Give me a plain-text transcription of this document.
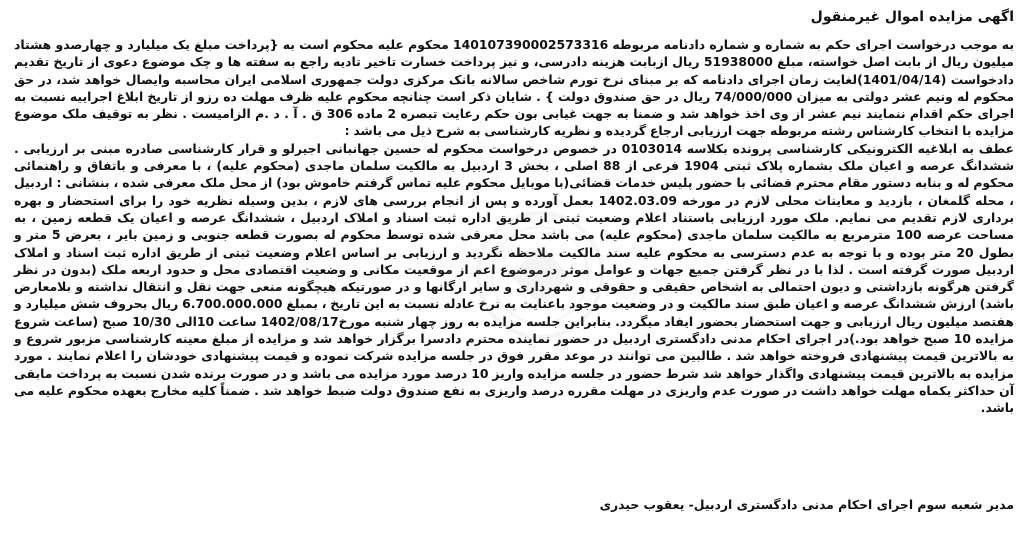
اگهی مزایده اموال غیرمنقول

به موجب درخواست اجرای حکم به شماره و شماره دادنامه مربوطه 140107390002573316 محکوم علیه محکوم است به {پرداخت مبلغ یک میلیارد و چهارصدو هشتاد میلیون ریال از بابت اصل خواسته، مبلغ 51938000 ریال ازبابت هزینه دادرسی، و نیز پرداخت خسارت تاخیر تادیه راجع به سفته ها و چک موضوع دعوی از تاریخ تقدیم دادخواست (1401/04/14)لغایت زمان اجرای دادنامه که بر مبنای نرخ تورم شاخص سالانه بانک مرکزی دولت جمهوری اسلامی ایران محاسبه وایصال خواهد شد، در حق محکوم له ونیم عشر دولتی به میزان 74/000/000 ریال در حق صندوق دولت } . شایان ذکر است چنانچه محکوم علیه ظرف مهلت ده رزو از تاریخ ابلاغ اجراییه نسبت به اجرای حکم اقدام ننمایند نیم عشر از وی اخذ خواهد شد و ضمنا به جهت غیابی بون حکم رعایت تبصره 2 ماده 306 ق . آ . د .م الزامیست . نظر به توقیف ملک موضوع مزایده با انتخاب کارشناس رشته مربوطه جهت ارزیابی ارجاع گردیده و نظریه کارشناسی به شرح ذیل می باشد :

عطف به ابلاغیه الکترونیکی کارشناسی پرونده بکلاسه 0103014 در خصوص درخواست محکوم له حسین جهانبانی اجیرلو و قرار کارشناسی صادره مبنی بر ارزیابی . ششدانگ عرصه و اعیان ملک بشماره پلاک ثبتی 1904 فرعی از 88 اصلی ، بخش 3 اردبیل به مالکیت سلمان ماجدی (محکوم علیه) ، با معرفی و باتفاق و راهنمائی محکوم له و بنابه دستور مقام محترم قضائی با حضور پلیس خدمات قضائی(با موبایل محکوم علیه تماس گرفتم خاموش بود) از محل ملک معرفی شده ، بنشانی : اردبیل ، محله گلمغان ، بازدید و معاینات محلی لازم در مورخه 1402.03.09 بعمل آورده و پس از انجام بررسی های لازم ، بدین وسیله نظریه خود را برای استحضار و بهره برداری لازم تقدیم می نمایم. ملک مورد ارزیابی باستناد اعلام وضعیت ثبتی از طریق اداره ثبت اسناد و املاک اردبیل ، ششدانگ عرصه و اعیان یک قطعه زمین ، به مساحت عرصه 100 مترمربع به مالکیت سلمان ماجدی (محکوم علیه) می باشد محل معرفی شده توسط محکوم له بصورت قطعه جنوبی و زمین بایر ، بعرض 5 متر و بطول 20 متر بوده و با توجه به عدم دسترسی به محکوم علیه سند مالکیت ملاحظه نگردید و ارزیابی بر اساس اعلام وضعیت ثبتی از طریق اداره ثبت اسناد و املاک اردبیل صورت گرفته است . لذا با در نظر گرفتن جمیع جهات و عوامل موثر درموضوع اعم از موقعیت مکانی و وضعیت اقتصادی محل و حدود اربعه ملک (بدون در نظر گرفتن هرگونه بازداشتی و دیون احتمالی به اشخاص حقیقی و حقوقی و شهرداری و سایر ارگانها و در صورتیکه هیچگونه منعی جهت نقل و انتقال نداشته و بلامعارض باشد) ارزش ششدانگ عرصه و اعیان طبق سند مالکیت و در وضعیت موجود باعنایت به نرخ عادله نسبت به این تاریخ ، بمبلغ 6.700.000.000 ریال بحروف شش میلیارد و هفتصد میلیون ریال ارزیابی و جهت استحضار بحضور ایفاد میگردد. بنابراین جلسه مزایده به روز چهار شنبه مورخ1402/08/17 ساعت 10الی 10/30 صبح (ساعت شروع مزایده 10 صبح خواهد بود.)در اجرای احکام مدنی دادگستری اردبیل در حضور نماینده محترم دادسرا برگزار خواهد شد و مزایده از مبلغ معینه کارشناسی مزبور شروع و به بالاترین قیمت پیشنهادی فروخته خواهد شد . طالبین می توانند در موعد مقرر فوق در جلسه مزایده شرکت نموده و قیمت پیشنهادی خودشان را اعلام نمایند . مورد مزایده به بالاترین قیمت پیشنهادی واگذار خواهد شد شرط حضور در جلسه مزایده واریز 10 درصد مورد مزایده می باشد و در صورت برنده شدن نسبت به پرداخت مابقی آن حداکثر یکماه مهلت خواهد داشت در صورت عدم واریزی در مهلت مقرره درصد واریزی به نفع صندوق دولت ضبط خواهد شد . ضمناً کلیه مخارج بعهده محکوم علیه می باشد.

مدیر شعبه سوم اجرای احکام مدنی دادگستری اردبیل- یعقوب حیدری
